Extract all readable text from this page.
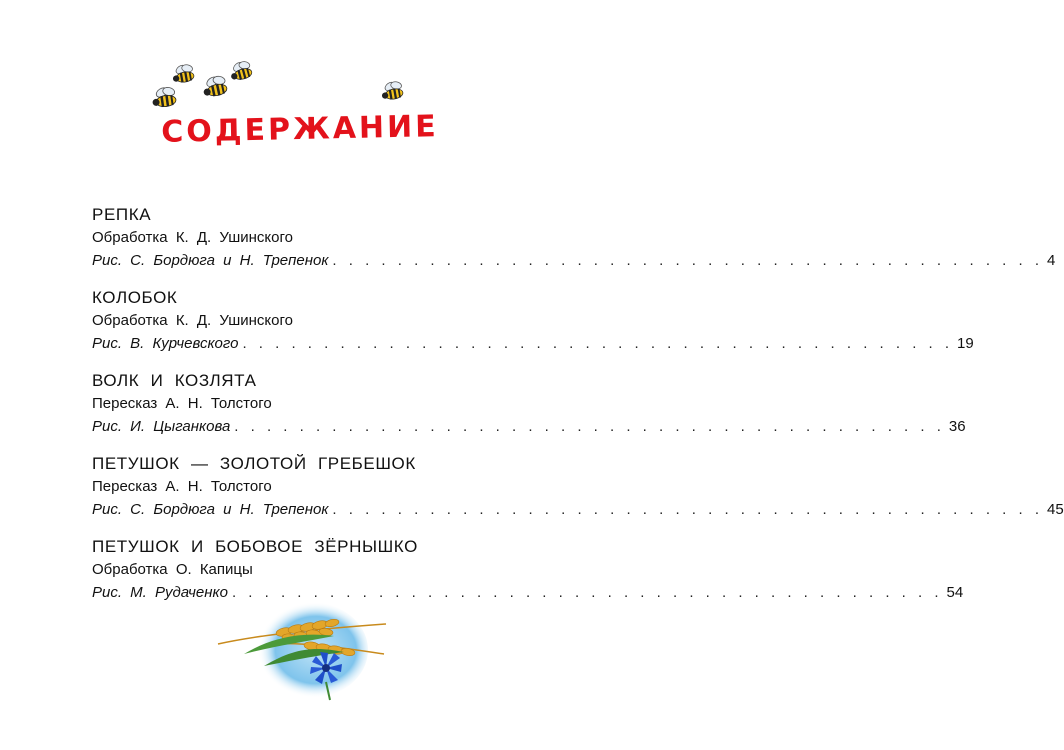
СОДЕРЖАНИЕ
РЕПКА
Обработка К. Д. Ушинского
Рис. С. Бордюга и Н. Трепенок . . . . . . . . . . . . . . . . . . . . . . . . . . . . . . . . . . . . . . . . . . . . 4
КОЛОБОК
Обработка К. Д. Ушинского
Рис. В. Курчевского . . . . . . . . . . . . . . . . . . . . . . . . . . . . . . . . . . . . . . . . . . . . 19
ВОЛК И КОЗЛЯТА
Пересказ А. Н. Толстого
Рис. И. Цыганкова . . . . . . . . . . . . . . . . . . . . . . . . . . . . . . . . . . . . . . . . . . . . 36
ПЕТУШОК — ЗОЛОТОЙ ГРЕБЕШОК
Пересказ А. Н. Толстого
Рис. С. Бордюга и Н. Трепенок . . . . . . . . . . . . . . . . . . . . . . . . . . . . . . . . . . . . . . . . . . . . 45
ПЕТУШОК И БОБОВОЕ ЗЁРНЫШКО
Обработка О. Капицы
Рис. М. Рудаченко . . . . . . . . . . . . . . . . . . . . . . . . . . . . . . . . . . . . . . . . . . . . 54
